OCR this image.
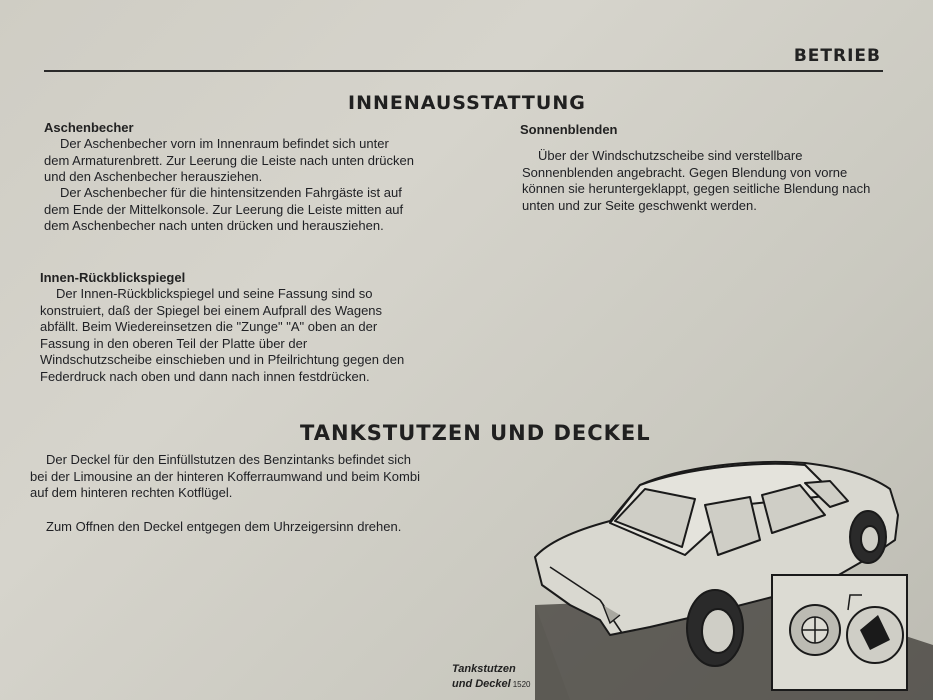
BETRIEB
INNENAUSSTATTUNG
Aschenbecher

Der Aschenbecher vorn im Innenraum befindet sich unter dem Armaturenbrett. Zur Leerung die Leiste nach unten drücken und den Aschenbecher herausziehen.

Der Aschenbecher für die hintensitzenden Fahrgäste ist auf dem Ende der Mittelkonsole. Zur Leerung die Leiste mitten auf dem Aschenbecher nach unten drücken und herausziehen.

Sonnenblenden

Über der Windschutzscheibe sind verstellbare Sonnenblenden angebracht. Gegen Blendung von vorne können sie heruntergeklappt, gegen seitliche Blendung nach unten und zur Seite geschwenkt werden.

Innen-Rückblickspiegel

Der Innen-Rückblickspiegel und seine Fassung sind so konstruiert, daß der Spiegel bei einem Aufprall des Wagens abfällt. Beim Wiedereinsetzen die "Zunge" "A" oben an der Fassung in den oberen Teil der Platte über der Windschutzscheibe einschieben und in Pfeilrichtung gegen den Federdruck nach oben und dann nach innen festdrücken.

TANKSTUTZEN UND DECKEL

Der Deckel für den Einfüllstutzen des Benzintanks befindet sich bei der Limousine an der hinteren Kofferraumwand und beim Kombi auf dem hinteren rechten Kotflügel.

Zum Offnen den Deckel entgegen dem Uhrzeigersinn drehen.

Tankstutzen
und Deckel 1520
